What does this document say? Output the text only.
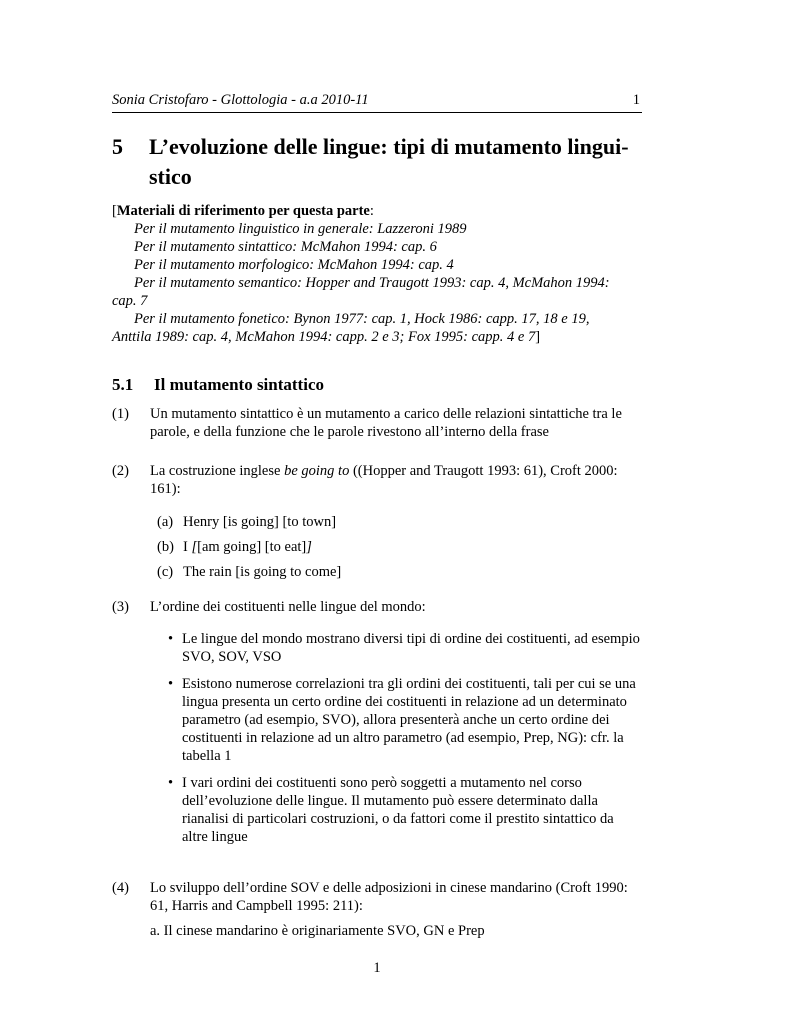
Sonia Cristofaro - Glottologia - a.a 2010-11	1
5 L’evoluzione delle lingue: tipi di mutamento lingui-
stico
[Materiali di riferimento per questa parte:
Per il mutamento linguistico in generale: Lazzeroni 1989
Per il mutamento sintattico: McMahon 1994: cap. 6
Per il mutamento morfologico: McMahon 1994: cap. 4
Per il mutamento semantico: Hopper and Traugott 1993: cap. 4, McMahon 1994:
cap. 7
Per il mutamento fonetico: Bynon 1977: cap. 1, Hock 1986: capp. 17, 18 e 19,
Anttila 1989: cap. 4, McMahon 1994: capp. 2 e 3; Fox 1995: capp. 4 e 7]
5.1 Il mutamento sintattico
(1) Un mutamento sintattico è un mutamento a carico delle relazioni sintattiche tra le parole, e della funzione che le parole rivestono all’interno della frase
(2) La costruzione inglese be going to ((Hopper and Traugott 1993: 61), Croft 2000: 161):
(a) Henry [is going] [to town]
(b) I [[am going] [to eat]]
(c) The rain [is going to come]
(3) L’ordine dei costituenti nelle lingue del mondo:
• Le lingue del mondo mostrano diversi tipi di ordine dei costituenti, ad esempio SVO, SOV, VSO
• Esistono numerose correlazioni tra gli ordini dei costituenti, tali per cui se una lingua presenta un certo ordine dei costituenti in relazione ad un determinato parametro (ad esempio, SVO), allora presenterà anche un certo ordine dei costituenti in relazione ad un altro parametro (ad esempio, Prep, NG): cfr. la tabella 1
• I vari ordini dei costituenti sono però soggetti a mutamento nel corso dell’evoluzione delle lingue. Il mutamento può essere determinato dalla rianalisi di particolari costruzioni, o da fattori come il prestito sintattico da altre lingue
(4) Lo sviluppo dell’ordine SOV e delle adposizioni in cinese mandarino (Croft 1990: 61, Harris and Campbell 1995: 211):
a. Il cinese mandarino è originariamente SVO, GN e Prep
1
